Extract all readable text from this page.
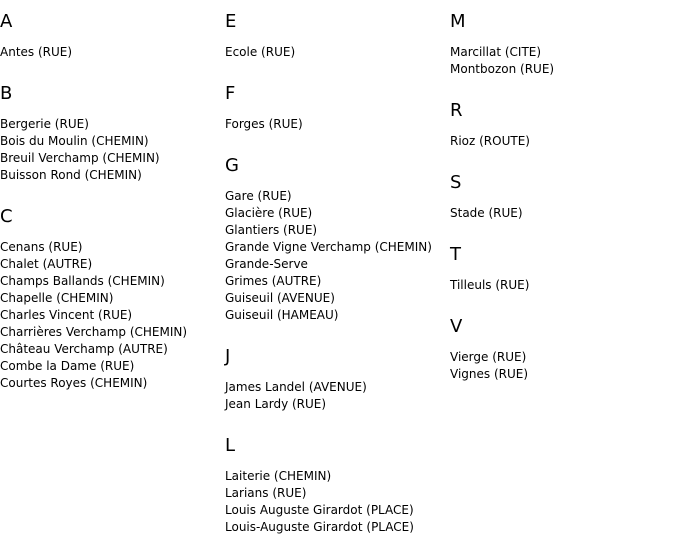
A
Antes (RUE)
B
Bergerie (RUE)
Bois du Moulin (CHEMIN)
Breuil Verchamp (CHEMIN)
Buisson Rond (CHEMIN)
C
Cenans (RUE)
Chalet (AUTRE)
Champs Ballands (CHEMIN)
Chapelle (CHEMIN)
Charles Vincent (RUE)
Charrières Verchamp (CHEMIN)
Château Verchamp (AUTRE)
Combe la Dame (RUE)
Courtes Royes (CHEMIN)
E
Ecole (RUE)
F
Forges (RUE)
G
Gare (RUE)
Glacière (RUE)
Glantiers (RUE)
Grande Vigne Verchamp (CHEMIN)
Grande-Serve
Grimes (AUTRE)
Guiseuil (AVENUE)
Guiseuil (HAMEAU)
J
James Landel (AVENUE)
Jean Lardy (RUE)
L
Laiterie (CHEMIN)
Larians (RUE)
Louis Auguste Girardot (PLACE)
Louis-Auguste Girardot (PLACE)
M
Marcillat (CITE)
Montbozon (RUE)
R
Rioz (ROUTE)
S
Stade (RUE)
T
Tilleuls (RUE)
V
Vierge (RUE)
Vignes (RUE)
